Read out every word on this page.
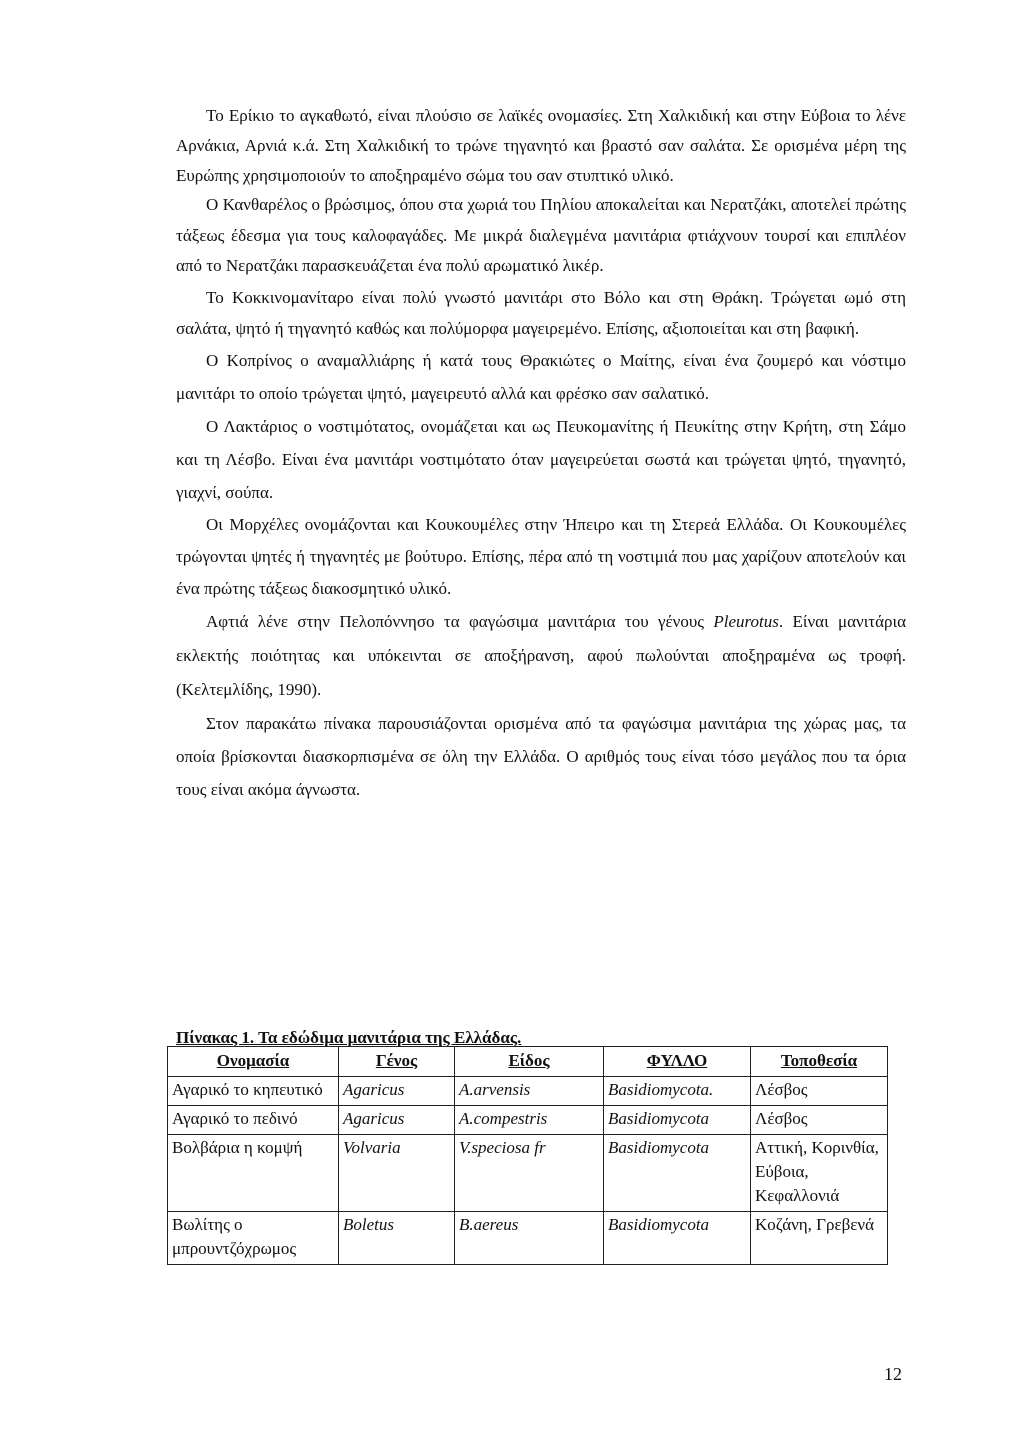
Το Ερίκιο το αγκαθωτό, είναι πλούσιο σε λαϊκές ονομασίες. Στη Χαλκιδική και στην Εύβοια το λένε Αρνάκια, Αρνιά κ.ά. Στη Χαλκιδική το τρώνε τηγανητό και βραστό σαν σαλάτα. Σε ορισμένα μέρη της Ευρώπης χρησιμοποιούν το αποξηραμένο σώμα του σαν στυπτικό υλικό.

Ο Κανθαρέλος ο βρώσιμος, όπου στα χωριά του Πηλίου αποκαλείται και Νερατζάκι, αποτελεί πρώτης τάξεως έδεσμα για τους καλοφαγάδες. Με μικρά διαλεγμένα μανιτάρια φτιάχνουν τουρσί και επιπλέον από το Νερατζάκι παρασκευάζεται ένα πολύ αρωματικό λικέρ.

Το Κοκκινομανίταρο είναι πολύ γνωστό μανιτάρι στο Βόλο και στη Θράκη. Τρώγεται ωμό στη σαλάτα, ψητό ή τηγανητό καθώς και πολύμορφα μαγειρεμένο. Επίσης, αξιοποιείται και στη βαφική.

Ο Κοπρίνος ο αναμαλλιάρης ή κατά τους Θρακιώτες ο Μαίτης, είναι ένα ζουμερό και νόστιμο μανιτάρι το οποίο τρώγεται ψητό, μαγειρευτό αλλά και φρέσκο σαν σαλατικό.

Ο Λακτάριος ο νοστιμότατος, ονομάζεται και ως Πευκομανίτης ή Πευκίτης στην Κρήτη, στη Σάμο και τη Λέσβο. Είναι ένα μανιτάρι νοστιμότατο όταν μαγειρεύεται σωστά και τρώγεται ψητό, τηγανητό, γιαχνί, σούπα.

Οι Μορχέλες ονομάζονται και Κουκουμέλες στην Ήπειρο και τη Στερεά Ελλάδα. Οι Κουκουμέλες τρώγονται ψητές ή τηγανητές με βούτυρο. Επίσης, πέρα από τη νοστιμιά που μας χαρίζουν αποτελούν και ένα πρώτης τάξεως διακοσμητικό υλικό.

Αφτιά λένε στην Πελοπόννησο τα φαγώσιμα μανιτάρια του γένους Pleurotus. Είναι μανιτάρια εκλεκτής ποιότητας και υπόκεινται σε αποξήρανση, αφού πωλούνται αποξηραμένα ως τροφή. (Κελτεμλίδης, 1990).

Στον παρακάτω πίνακα παρουσιάζονται ορισμένα από τα φαγώσιμα μανιτάρια της χώρας μας, τα οποία βρίσκονται διασκορπισμένα σε όλη την Ελλάδα. Ο αριθμός τους είναι τόσο μεγάλος που τα όρια τους είναι ακόμα άγνωστα.

Πίνακας 1. Τα εδώδιμα μανιτάρια της Ελλάδας.
Ονομασία	Γένος	Είδος	ΦΥΛΛΟ	Τοποθεσία
Αγαρικό το κηπευτικό	Agaricus	A.arvensis	Basidiomycota.	Λέσβος
Αγαρικό το πεδινό	Agaricus	A.compestris	Basidiomycota	Λέσβος
Βολβάρια η κομψή	Volvaria	V.speciosa fr	Basidiomycota	Αττική, Κορινθία, Εύβοια, Κεφαλλονιά
Βωλίτης ο μπρουντζόχρωμος	Boletus	B.aereus	Basidiomycota	Κοζάνη, Γρεβενά
12
